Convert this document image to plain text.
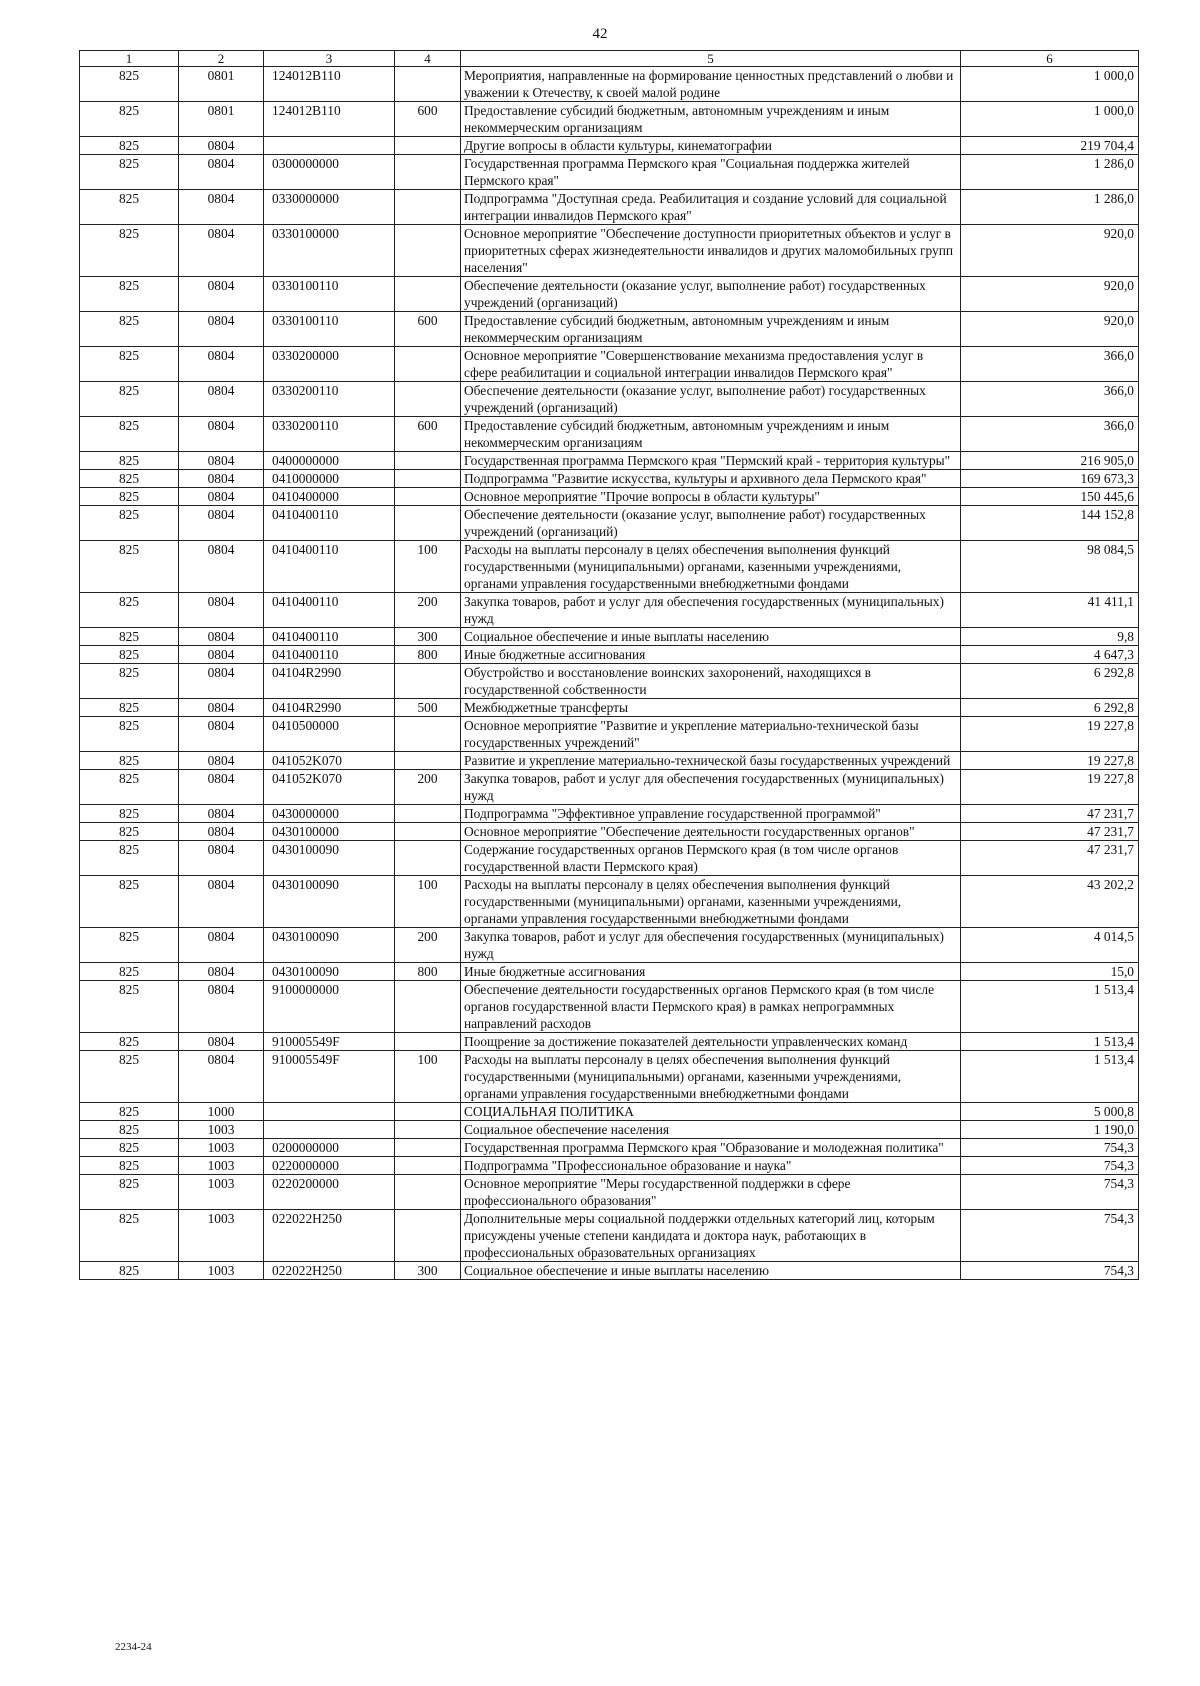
42
1	2	3	4	5	6
825	0801	124012B110		Мероприятия, направленные на формирование ценностных представлений о любви и уважении к Отечеству, к своей малой родине	1 000,0
825	0801	124012B110	600	Предоставление субсидий бюджетным, автономным учреждениям и иным некоммерческим организациям	1 000,0
825	0804			Другие вопросы в области культуры, кинематографии	219 704,4
825	0804	0300000000		Государственная программа Пермского края "Социальная поддержка жителей Пермского края"	1 286,0
825	0804	0330000000		Подпрограмма "Доступная среда. Реабилитация и создание условий для социальной интеграции инвалидов Пермского края"	1 286,0
825	0804	0330100000		Основное мероприятие "Обеспечение доступности приоритетных объектов и услуг в приоритетных сферах жизнедеятельности инвалидов и других маломобильных групп населения"	920,0
825	0804	0330100110		Обеспечение деятельности (оказание услуг, выполнение работ) государственных учреждений (организаций)	920,0
825	0804	0330100110	600	Предоставление субсидий бюджетным, автономным учреждениям и иным некоммерческим организациям	920,0
825	0804	0330200000		Основное мероприятие "Совершенствование механизма предоставления услуг в сфере реабилитации и социальной интеграции инвалидов Пермского края"	366,0
825	0804	0330200110		Обеспечение деятельности (оказание услуг, выполнение работ) государственных учреждений (организаций)	366,0
825	0804	0330200110	600	Предоставление субсидий бюджетным, автономным учреждениям и иным некоммерческим организациям	366,0
825	0804	0400000000		Государственная программа Пермского края "Пермский край - территория культуры"	216 905,0
825	0804	0410000000		Подпрограмма "Развитие искусства, культуры и архивного дела Пермского края"	169 673,3
825	0804	0410400000		Основное мероприятие "Прочие вопросы в области культуры"	150 445,6
825	0804	0410400110		Обеспечение деятельности (оказание услуг, выполнение работ) государственных учреждений (организаций)	144 152,8
825	0804	0410400110	100	Расходы на выплаты персоналу в целях обеспечения выполнения функций государственными (муниципальными) органами, казенными учреждениями, органами управления государственными внебюджетными фондами	98 084,5
825	0804	0410400110	200	Закупка товаров, работ и услуг для обеспечения государственных (муниципальных) нужд	41 411,1
825	0804	0410400110	300	Социальное обеспечение и иные выплаты населению	9,8
825	0804	0410400110	800	Иные бюджетные ассигнования	4 647,3
825	0804	04104R2990		Обустройство и восстановление воинских захоронений, находящихся в государственной собственности	6 292,8
825	0804	04104R2990	500	Межбюджетные трансферты	6 292,8
825	0804	0410500000		Основное мероприятие "Развитие и укрепление материально-технической базы государственных учреждений"	19 227,8
825	0804	041052K070		Развитие и укрепление материально-технической базы государственных учреждений	19 227,8
825	0804	041052K070	200	Закупка товаров, работ и услуг для обеспечения государственных (муниципальных) нужд	19 227,8
825	0804	0430000000		Подпрограмма "Эффективное управление государственной программой"	47 231,7
825	0804	0430100000		Основное мероприятие "Обеспечение деятельности государственных органов"	47 231,7
825	0804	0430100090		Содержание государственных органов Пермского края (в том числе органов государственной власти Пермского края)	47 231,7
825	0804	0430100090	100	Расходы на выплаты персоналу в целях обеспечения выполнения функций государственными (муниципальными) органами, казенными учреждениями, органами управления государственными внебюджетными фондами	43 202,2
825	0804	0430100090	200	Закупка товаров, работ и услуг для обеспечения государственных (муниципальных) нужд	4 014,5
825	0804	0430100090	800	Иные бюджетные ассигнования	15,0
825	0804	9100000000		Обеспечение деятельности государственных органов Пермского края (в том числе органов государственной власти Пермского края) в рамках непрограммных направлений расходов	1 513,4
825	0804	910005549F		Поощрение за достижение показателей деятельности управленческих команд	1 513,4
825	0804	910005549F	100	Расходы на выплаты персоналу в целях обеспечения выполнения функций государственными (муниципальными) органами, казенными учреждениями, органами управления государственными внебюджетными фондами	1 513,4
825	1000			СОЦИАЛЬНАЯ ПОЛИТИКА	5 000,8
825	1003			Социальное обеспечение населения	1 190,0
825	1003	0200000000		Государственная программа Пермского края "Образование и молодежная политика"	754,3
825	1003	0220000000		Подпрограмма "Профессиональное образование и наука"	754,3
825	1003	0220200000		Основное мероприятие "Меры государственной поддержки в сфере профессионального образования"	754,3
825	1003	022022H250		Дополнительные меры социальной поддержки отдельных категорий лиц, которым присуждены ученые степени кандидата и доктора наук, работающих в профессиональных образовательных организациях	754,3
825	1003	022022H250	300	Социальное обеспечение и иные выплаты населению	754,3
2234-24
